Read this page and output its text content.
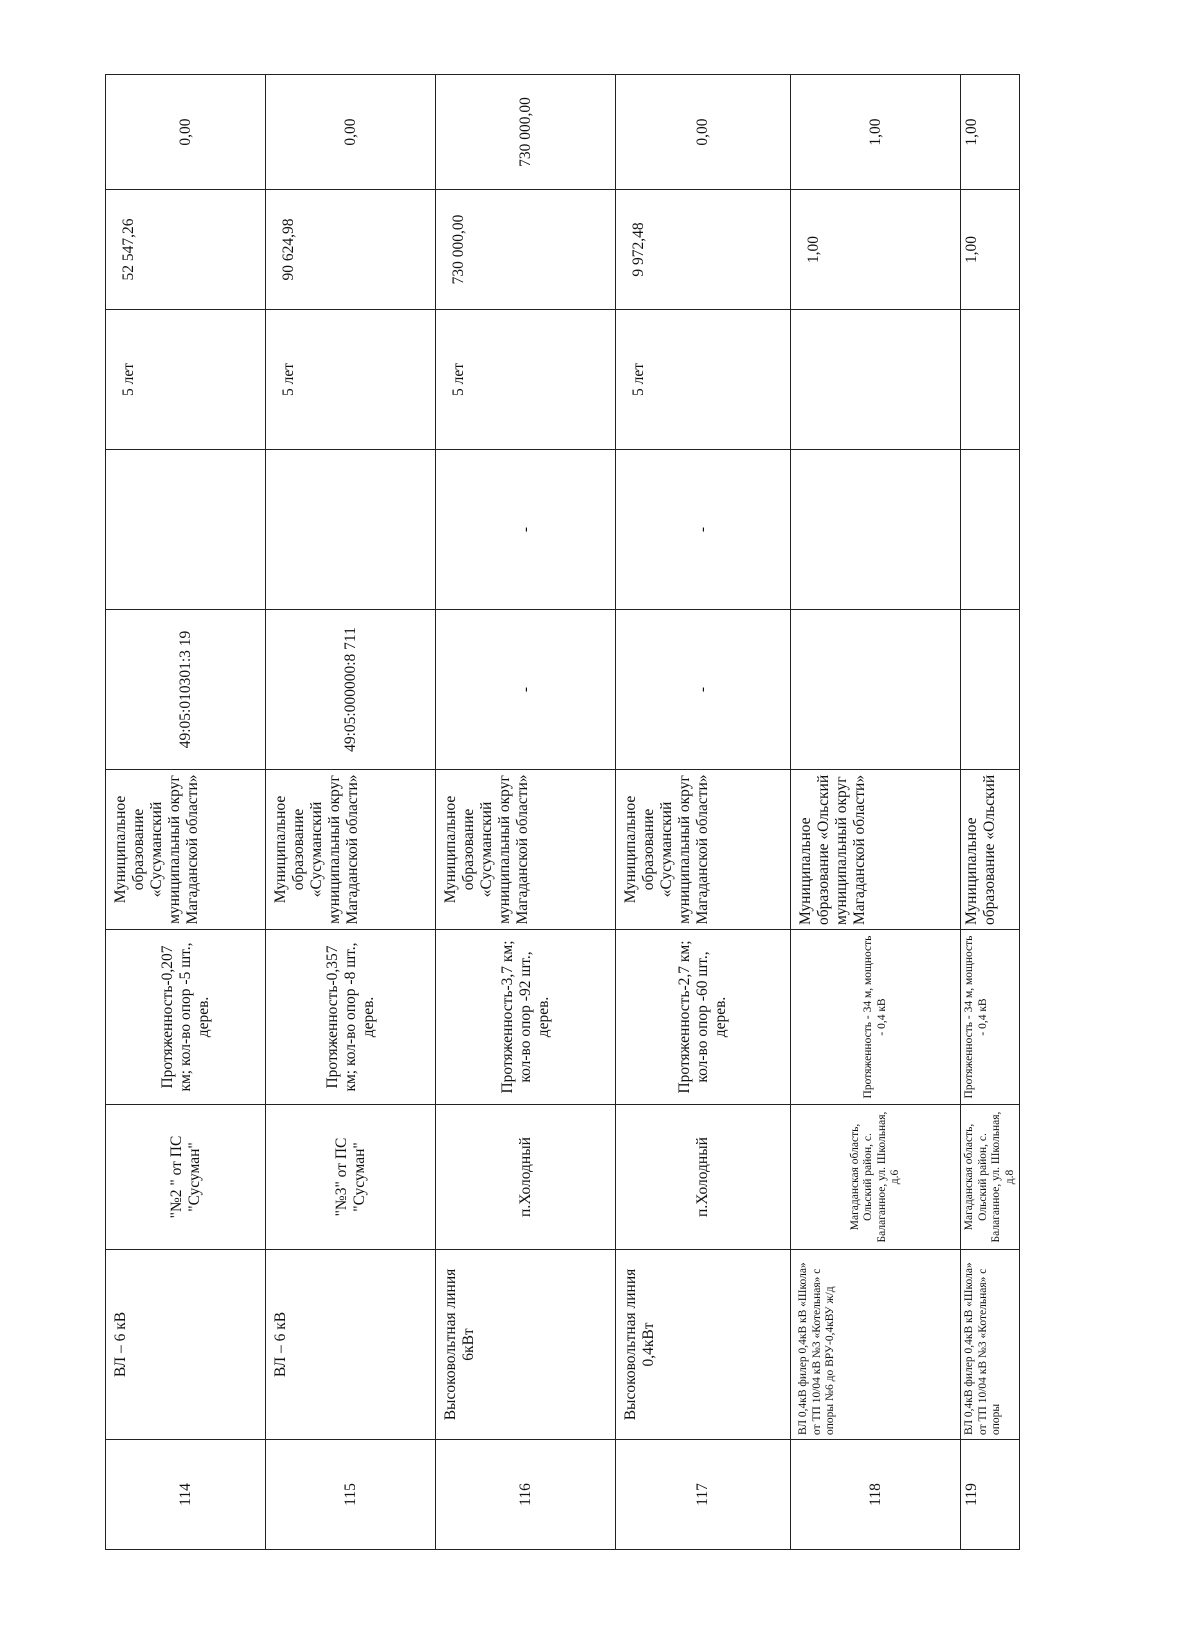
114	ВЛ – 6 кВ	"№2 " от ПС "Сусуман"	Протяженность-0,207 км; кол-во опор -5 шт., дерев.	Муниципальное образование «Сусуманский муниципальный округ Магаданской области»	49:05:010301:3 19		5 лет	52 547,26	0,00
115	ВЛ – 6 кВ	"№3" от ПС "Сусуман"	Протяженность-0,357 км; кол-во опор -8 шт., дерев.	Муниципальное образование «Сусуманский муниципальный округ Магаданской области»	49:05:000000:8 711		5 лет	90 624,98	0,00
116	Высоковольтная линия 6кВт	п.Холодный	Протяженность-3,7 км; кол-во опор -92 шт., дерев.	Муниципальное образование «Сусуманский муниципальный округ Магаданской области»	-	-	5 лет	730 000,00	730 000,00
117	Высоковольтная линия 0,4кВт	п.Холодный	Протяженность-2,7 км; кол-во опор -60 шт., дерев.	Муниципальное образование «Сусуманский муниципальный округ Магаданской области»	-	-	5 лет	9 972,48	0,00
118	ВЛ 0,4кВ филер 0,4кВ кВ «Школа» от ТП 10/04 кВ №3 «Котельная» с опоры №6 до ВРУ-0,4кВУ ж/д	Магаданская область, Ольский район, с. Балаганное, ул. Школьная, д.6	Протяженность - 34 м, мощность - 0,4 кВ	Муниципальное образование «Ольский муниципальный округ Магаданской области»				1,00	1,00
119	ВЛ 0,4кВ филер 0,4кВ кВ «Школа» от ТП 10/04 кВ №3 «Котельная» с опоры	Магаданская область, Ольский район, с. Балаганное, ул. Школьная, д.8	Протяженность - 34 м, мощность - 0,4 кВ	Муниципальное образование «Ольский				1,00	1,00
